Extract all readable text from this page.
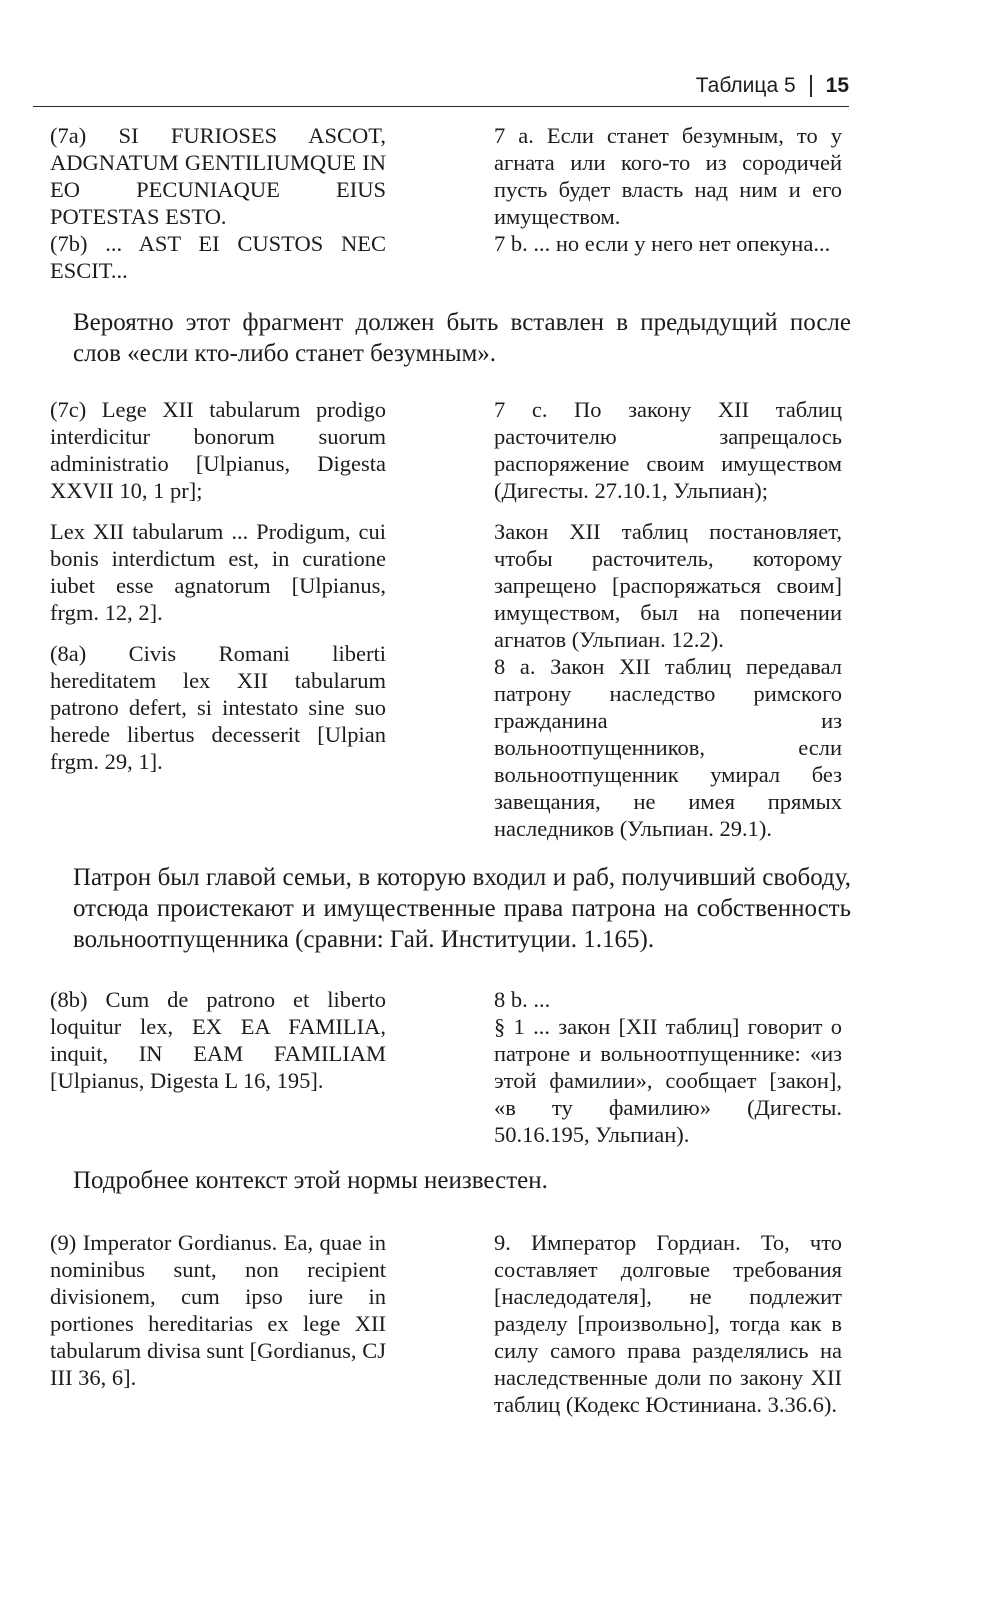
Таблица 5 15

(7a) SI FURIOSES ASCOT, ADGNATUM GENTILIUMQUE IN EO PECUNIAQUE EIUS POTESTAS ESTO.

(7b) ... AST EI CUSTOS NEC ESCIT...

7 а. Если станет безумным, то у агната или кого-то из сородичей пусть будет власть над ним и его имуществом.

7 b. ... но если у него нет опекуна...

Вероятно этот фрагмент должен быть вставлен в предыдущий после слов «если кто-либо станет безумным».

(7c) Lege XII tabularum prodigo interdicitur bonorum suorum administratio [Ulpianus, Digesta XXVII 10, 1 pr];

Lex XII tabularum ... Prodigum, cui bonis interdictum est, in curatione iubet esse agnatorum [Ulpianus, frgm. 12, 2].

(8a) Civis Romani liberti hereditatem lex XII tabularum patrono defert, si intestato sine suo herede libertus decesserit [Ulpian frgm. 29, 1].

7 с. По закону XII таблиц расточителю запрещалось распоряжение своим имуществом (Дигесты. 27.10.1, Ульпиан);

Закон XII таблиц постановляет, чтобы расточитель, которому запрещено [распоряжаться своим] имуществом, был на попечении агнатов (Ульпиан. 12.2).

8 а. Закон XII таблиц передавал патрону наследство римского гражданина из вольноотпущенников, если вольноотпущенник умирал без завещания, не имея прямых наследников (Ульпиан. 29.1).

Патрон был главой семьи, в которую входил и раб, получивший свободу, отсюда проистекают и имущественные права патрона на собственность вольноотпущенника (сравни: Гай. Институции. 1.165).

(8b) Cum de patrono et liberto loquitur lex, EX EA FAMILIA, inquit, IN EAM FAMILIAM [Ulpianus, Digesta L 16, 195].

8 b. ...

§ 1 ... закон [XII таблиц] говорит о патроне и вольноотпущеннике: «из этой фамилии», сообщает [закон], «в ту фамилию» (Дигесты. 50.16.195, Ульпиан).

Подробнее контекст этой нормы неизвестен.

(9) Imperator Gordianus. Ea, quae in nominibus sunt, non recipient divisionem, cum ipso iure in portiones hereditarias ex lege XII tabularum divisa sunt [Gordianus, CJ III 36, 6].

9. Император Гордиан. То, что составляет долговые требования [наследодателя], не подлежит разделу [произвольно], тогда как в силу самого права разделялись на наследственные доли по закону XII таблиц (Кодекс Юстиниана. 3.36.6).
